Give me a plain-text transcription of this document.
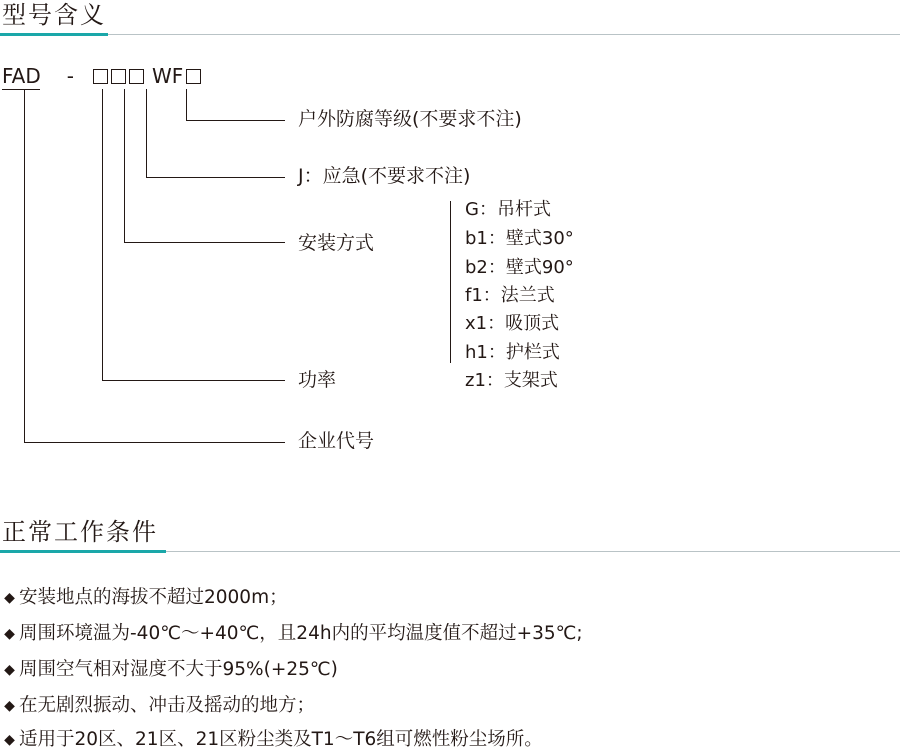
型号含义
FAD -	WF
户外防腐等级(不要求不注)
J：应急(不要求不注)
安装方式
功率
企业代号
G：吊杆式
b1：壁式30°
b2：壁式90°
f1：法兰式
x1：吸顶式
h1：护栏式
z1：支架式
正常工作条件
◆ 安装地点的海拔不超过2000m；
◆ 周围环境温为-40℃～+40℃，且24h内的平均温度值不超过+35℃;
◆ 周围空气相对湿度不大于95%(+25℃)
◆ 在无剧烈振动、冲击及摇动的地方；
◆ 适用于20区、21区、21区粉尘类及T1～T6组可燃性粉尘场所。
